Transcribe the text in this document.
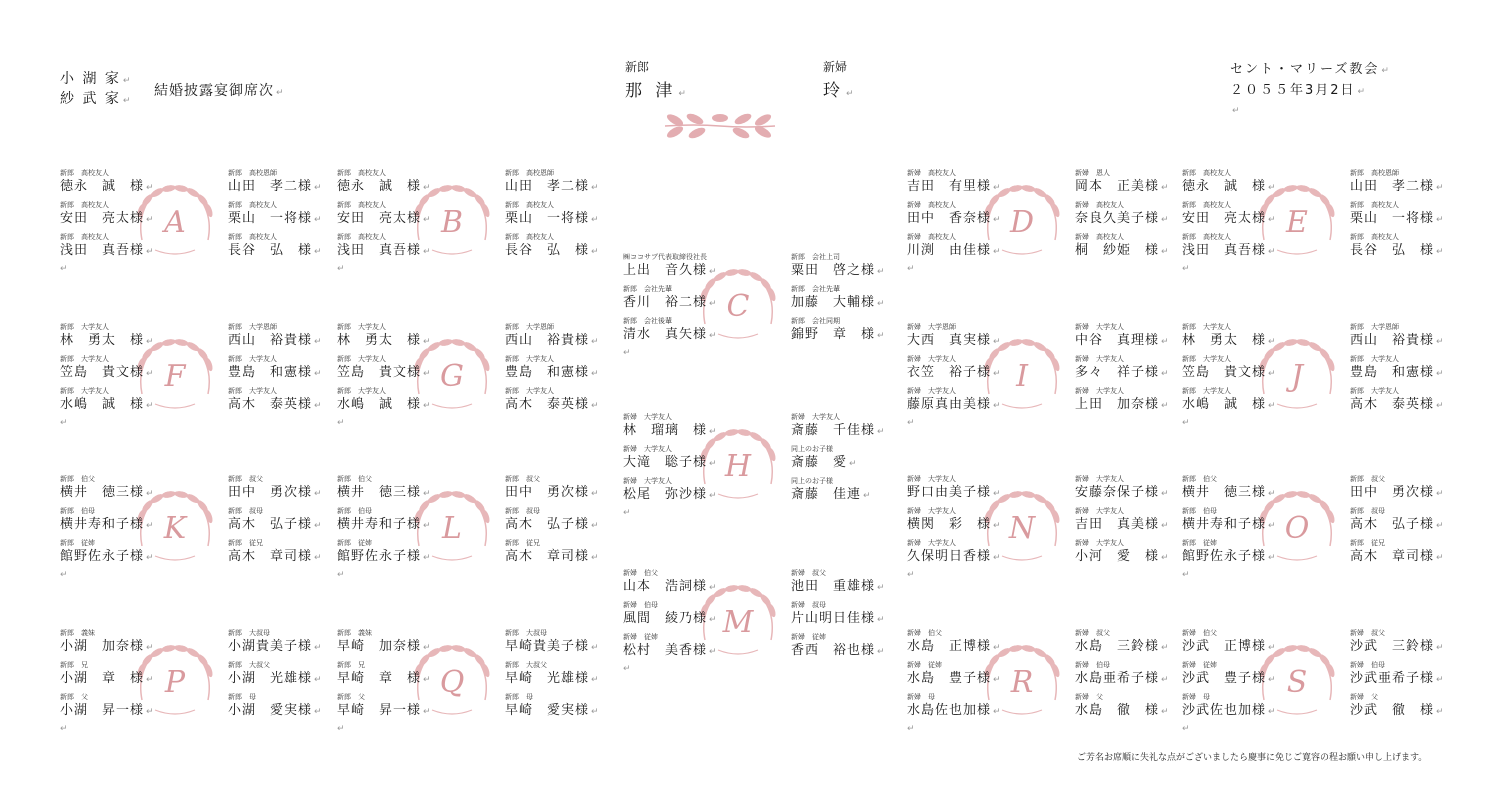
小 湖 家 ↵
紗 武 家 ↵
結婚披露宴御席次 ↵
新郎
那 津 ↵
新婦
玲 ↵
セント・マリーズ教会 ↵
２０５５年3月2日 ↵
↵
A
新郎　高校友人
徳永　誠　様 ↵
新郎　高校友人
安田　亮太様 ↵
新郎　高校友人
浅田　真吾様 ↵
新郎　高校恩師
山田　孝二様 ↵
新郎　高校友人
栗山　一将様 ↵
新郎　高校友人
長谷　弘　様 ↵
↵
B
新郎　高校友人
徳永　誠　様 ↵
新郎　高校友人
安田　亮太様 ↵
新郎　高校友人
浅田　真吾様 ↵
新郎　高校恩師
山田　孝二様 ↵
新郎　高校友人
栗山　一将様 ↵
新郎　高校友人
長谷　弘　様 ↵
↵
C
㈱ココサブ代表取締役社長
上出　音久様 ↵
新郎　会社先輩
香川　裕二様 ↵
新郎　会社後輩
清水　真矢様 ↵
新郎　会社上司
粟田　啓之様 ↵
新郎　会社先輩
加藤　大輔様 ↵
新郎　会社同期
錦野　章　様 ↵
↵
D
新婦　高校友人
吉田　有里様 ↵
新婦　高校友人
田中　香奈様 ↵
新婦　高校友人
川渕　由佳様 ↵
新婦　恩人
岡本　正美様 ↵
新婦　高校友人
奈良久美子様 ↵
新婦　高校友人
桐　紗姫　様 ↵
↵
E
新郎　高校友人
徳永　誠　様 ↵
新郎　高校友人
安田　亮太様 ↵
新郎　高校友人
浅田　真吾様 ↵
新郎　高校恩師
山田　孝二様 ↵
新郎　高校友人
栗山　一将様 ↵
新郎　高校友人
長谷　弘　様 ↵
↵
F
新郎　大学友人
林　勇太　様 ↵
新郎　大学友人
笠島　貴文様 ↵
新郎　大学友人
水嶋　誠　様 ↵
新郎　大学恩師
西山　裕貴様 ↵
新郎　大学友人
豊島　和憲様 ↵
新郎　大学友人
高木　泰英様 ↵
↵
G
新郎　大学友人
林　勇太　様 ↵
新郎　大学友人
笠島　貴文様 ↵
新郎　大学友人
水嶋　誠　様 ↵
新郎　大学恩師
西山　裕貴様 ↵
新郎　大学友人
豊島　和憲様 ↵
新郎　大学友人
高木　泰英様 ↵
↵
H
新婦　大学友人
林　瑠璃　様 ↵
新婦　大学友人
大滝　聡子様 ↵
新婦　大学友人
松尾　弥沙様 ↵
新婦　大学友人
斎藤　千佳様 ↵
同上のお子様
斎藤　愛 ↵
同上のお子様
斎藤　佳連 ↵
↵
I
新婦　大学恩師
大西　真実様 ↵
新婦　大学友人
衣笠　裕子様 ↵
新婦　大学友人
藤原真由美様 ↵
新婦　大学友人
中谷　真理様 ↵
新婦　大学友人
多々　祥子様 ↵
新婦　大学友人
上田　加奈様 ↵
↵
J
新郎　大学友人
林　勇太　様 ↵
新郎　大学友人
笠島　貴文様 ↵
新郎　大学友人
水嶋　誠　様 ↵
新郎　大学恩師
西山　裕貴様 ↵
新郎　大学友人
豊島　和憲様 ↵
新郎　大学友人
高木　泰英様 ↵
↵
K
新郎　伯父
横井　徳三様 ↵
新郎　伯母
横井寿和子様 ↵
新郎　従姉
館野佐永子様 ↵
新郎　叔父
田中　勇次様 ↵
新郎　叔母
高木　弘子様 ↵
新郎　従兄
高木　章司様 ↵
↵
L
新郎　伯父
横井　徳三様 ↵
新郎　伯母
横井寿和子様 ↵
新郎　従姉
館野佐永子様 ↵
新郎　叔父
田中　勇次様 ↵
新郎　叔母
高木　弘子様 ↵
新郎　従兄
高木　章司様 ↵
↵
M
新婦　伯父
山本　浩詞様 ↵
新婦　伯母
風間　綾乃様 ↵
新婦　従姉
松村　美香様 ↵
新婦　叔父
池田　重雄様 ↵
新婦　叔母
片山明日佳様 ↵
新婦　従姉
香西　裕也様 ↵
↵
N
新婦　大学友人
野口由美子様 ↵
新婦　大学友人
横関　彩　様 ↵
新婦　大学友人
久保明日香様 ↵
新婦　大学友人
安藤奈保子様 ↵
新婦　大学友人
吉田　真美様 ↵
新婦　大学友人
小河　愛　様 ↵
↵
O
新郎　伯父
横井　徳三様 ↵
新郎　伯母
横井寿和子様 ↵
新郎　従姉
館野佐永子様 ↵
新郎　叔父
田中　勇次様 ↵
新郎　叔母
高木　弘子様 ↵
新郎　従兄
高木　章司様 ↵
↵
P
新郎　義妹
小湖　加奈様 ↵
新郎　兄
小湖　章　様 ↵
新郎　父
小湖　昇一様 ↵
新郎　大叔母
小湖貴美子様 ↵
新郎　大叔父
小湖　光雄様 ↵
新郎　母
小湖　愛実様 ↵
↵
Q
新郎　義妹
早崎　加奈様 ↵
新郎　兄
早崎　章　様 ↵
新郎　父
早崎　昇一様 ↵
新郎　大叔母
早崎貴美子様 ↵
新郎　大叔父
早崎　光雄様 ↵
新郎　母
早崎　愛実様 ↵
↵
R
新婦　伯父
水島　正博様 ↵
新婦　従姉
水島　豊子様 ↵
新婦　母
水島佐也加様 ↵
新婦　叔父
水島　三鈴様 ↵
新婦　伯母
水島亜希子様 ↵
新婦　父
水島　徹　様 ↵
↵
S
新婦　伯父
沙武　正博様 ↵
新婦　従姉
沙武　豊子様 ↵
新婦　母
沙武佐也加様 ↵
新婦　叔父
沙武　三鈴様 ↵
新婦　伯母
沙武亜希子様 ↵
新婦　父
沙武　徹　様 ↵
↵
ご芳名お席順に失礼な点がございましたら慶事に免じご寛容の程お願い申し上げます。
